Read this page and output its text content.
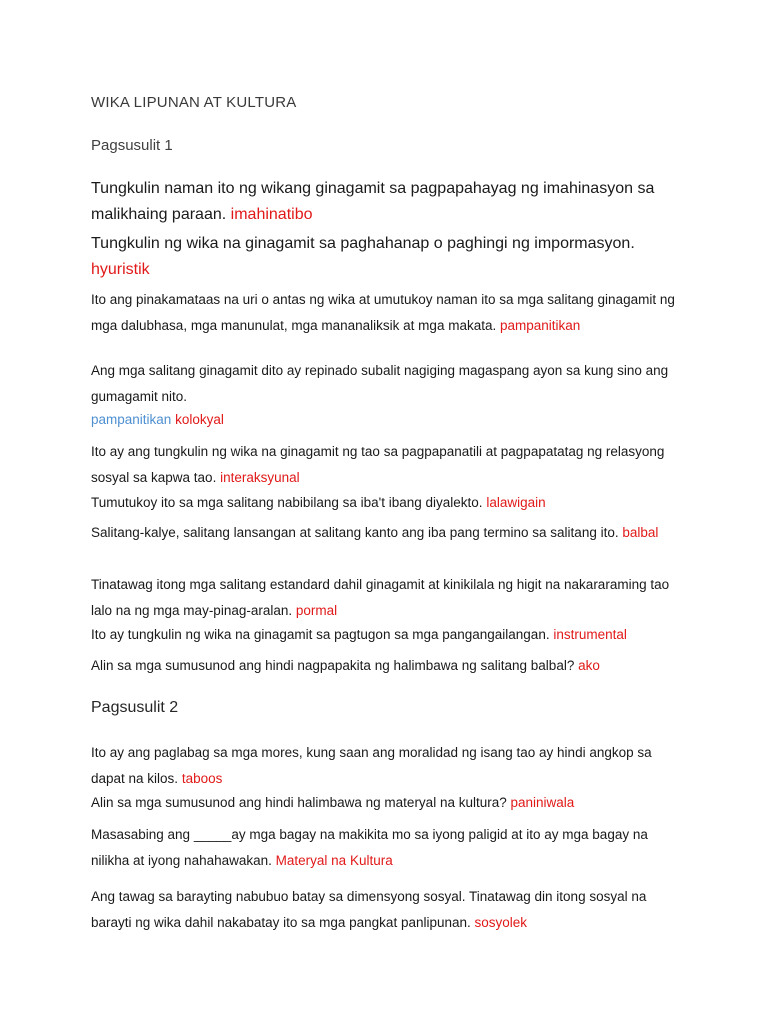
WIKA LIPUNAN AT KULTURA
Pagsusulit 1

Tungkulin naman ito ng wikang ginagamit sa pagpapahayag ng imahinasyon sa malikhaing paraan. imahinatibo

Tungkulin ng wika na ginagamit sa paghahanap o paghingi ng impormasyon. hyuristik

Ito ang pinakamataas na uri o antas ng wika at umutukoy naman ito sa mga salitang ginagamit ng mga dalubhasa, mga manunulat, mga mananaliksik at mga makata. pampanitikan

Ang mga salitang ginagamit dito ay repinado subalit nagiging magaspang ayon sa kung sino ang gumagamit nito.

pampanitikan kolokyal

Ito ay ang tungkulin ng wika na ginagamit ng tao sa pagpapanatili at pagpapatatag ng relasyong sosyal sa kapwa tao. interaksyunal

Tumutukoy ito sa mga salitang nabibilang sa iba't ibang diyalekto. lalawigain

Salitang-kalye, salitang lansangan at salitang kanto ang iba pang termino sa salitang ito. balbal

Tinatawag itong mga salitang estandard dahil ginagamit at kinikilala ng higit na nakararaming tao lalo na ng mga may-pinag-aralan. pormal

Ito ay tungkulin ng wika na ginagamit sa pagtugon sa mga pangangailangan. instrumental

Alin sa mga sumusunod ang hindi nagpapakita ng halimbawa ng salitang balbal? ako

Pagsusulit 2

Ito ay ang paglabag sa mga mores, kung saan ang moralidad ng isang tao ay hindi angkop sa dapat na kilos. taboos

Alin sa mga sumusunod ang hindi halimbawa ng materyal na kultura? paniniwala

Masasabing ang _____ay mga bagay na makikita mo sa iyong paligid at ito ay mga bagay na nilikha at iyong nahahawakan. Materyal na Kultura

Ang tawag sa barayting nabubuo batay sa dimensyong sosyal. Tinatawag din itong sosyal na barayti ng wika dahil nakabatay ito sa mga pangkat panlipunan. sosyolek
